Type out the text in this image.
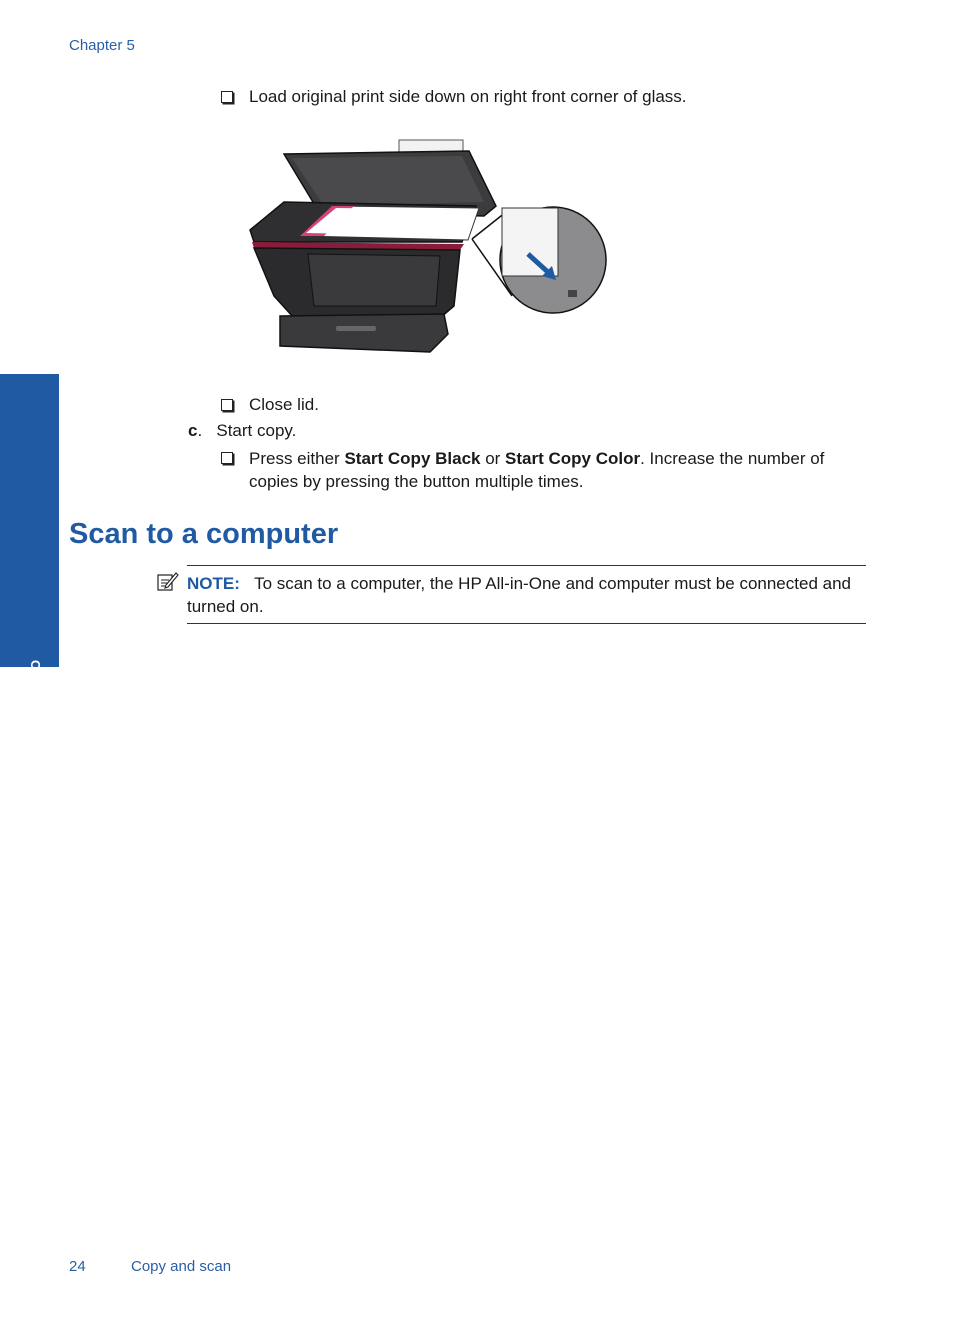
Chapter 5
Copy and scan
Load original print side down on right front corner of glass.
Close lid.
c.   Start copy.
Press either Start Copy Black or Start Copy Color. Increase the number of copies by pressing the button multiple times.
Scan to a computer
NOTE: To scan to a computer, the HP All-in-One and computer must be connected and turned on.
24	Copy and scan
